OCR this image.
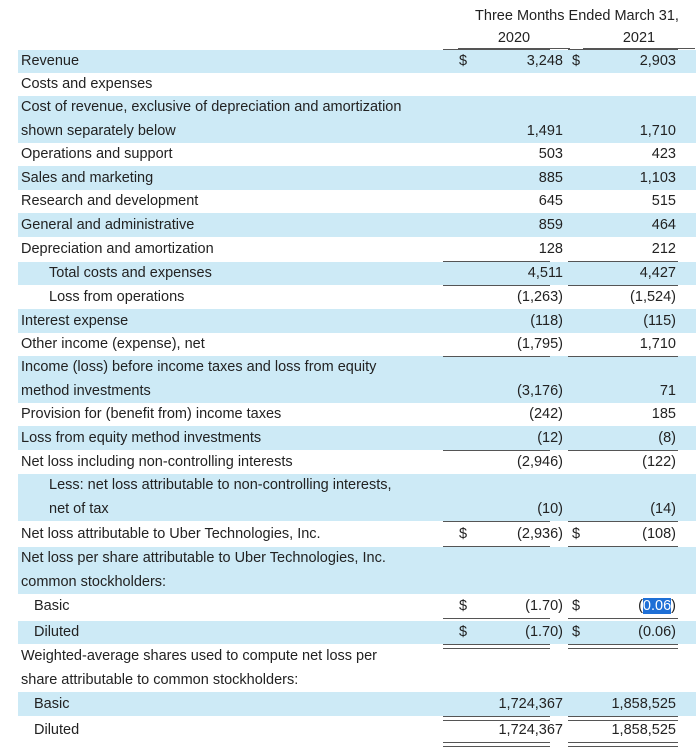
Three Months Ended March 31,
2020	2021
Revenue	$	3,248 $	2,903
Costs and expenses
Cost of revenue, exclusive of depreciation and amortization
shown separately below	1,491	1,710
Operations and support	503	423
Sales and marketing	885	1,103
Research and development	645	515
General and administrative	859	464
Depreciation and amortization	128	212
Total costs and expenses	4,511	4,427
Loss from operations	(1,263)	(1,524)
Interest expense	(118)	(115)
Other income (expense), net	(1,795)	1,710
Income (loss) before income taxes and loss from equity
method investments	(3,176)	71
Provision for (benefit from) income taxes	(242)	185
Loss from equity method investments	(12)	(8)
Net loss including non-controlling interests	(2,946)	(122)
Less: net loss attributable to non-controlling interests,
net of tax	(10)	(14)
Net loss attributable to Uber Technologies, Inc.	$	(2,936) $	(108)
Net loss per share attributable to Uber Technologies, Inc.
common stockholders:
Basic	$	(1.70) $	(0.06)
Diluted	$	(1.70) $	(0.06)
Weighted-average shares used to compute net loss per
share attributable to common stockholders:
Basic	1,724,367	1,858,525
Diluted	1,724,367	1,858,525
